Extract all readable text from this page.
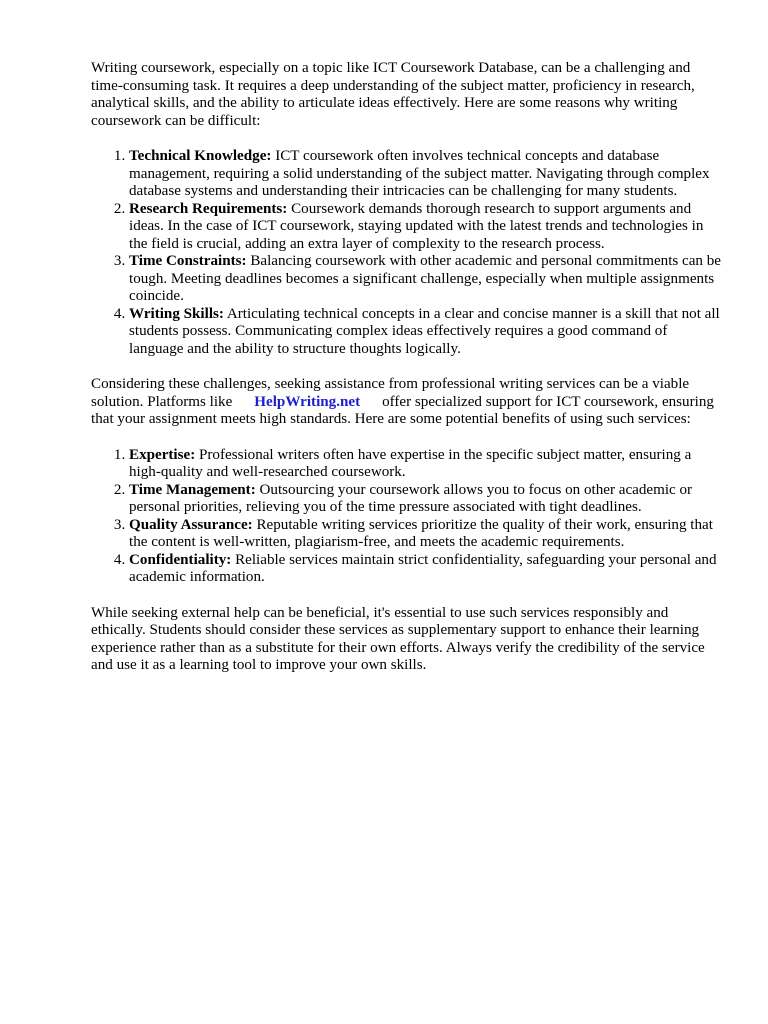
Writing coursework, especially on a topic like ICT Coursework Database, can be a challenging and time-consuming task. It requires a deep understanding of the subject matter, proficiency in research, analytical skills, and the ability to articulate ideas effectively. Here are some reasons why writing coursework can be difficult:

1. Technical Knowledge: ICT coursework often involves technical concepts and database management, requiring a solid understanding of the subject matter. Navigating through complex database systems and understanding their intricacies can be challenging for many students.
2. Research Requirements: Coursework demands thorough research to support arguments and ideas. In the case of ICT coursework, staying updated with the latest trends and technologies in the field is crucial, adding an extra layer of complexity to the research process.
3. Time Constraints: Balancing coursework with other academic and personal commitments can be tough. Meeting deadlines becomes a significant challenge, especially when multiple assignments coincide.
4. Writing Skills: Articulating technical concepts in a clear and concise manner is a skill that not all students possess. Communicating complex ideas effectively requires a good command of language and the ability to structure thoughts logically.

Considering these challenges, seeking assistance from professional writing services can be a viable solution. Platforms like HelpWriting.net offer specialized support for ICT coursework, ensuring that your assignment meets high standards. Here are some potential benefits of using such services:

1. Expertise: Professional writers often have expertise in the specific subject matter, ensuring a high-quality and well-researched coursework.
2. Time Management: Outsourcing your coursework allows you to focus on other academic or personal priorities, relieving you of the time pressure associated with tight deadlines.
3. Quality Assurance: Reputable writing services prioritize the quality of their work, ensuring that the content is well-written, plagiarism-free, and meets the academic requirements.
4. Confidentiality: Reliable services maintain strict confidentiality, safeguarding your personal and academic information.

While seeking external help can be beneficial, it's essential to use such services responsibly and ethically. Students should consider these services as supplementary support to enhance their learning experience rather than as a substitute for their own efforts. Always verify the credibility of the service and use it as a learning tool to improve your own skills.
